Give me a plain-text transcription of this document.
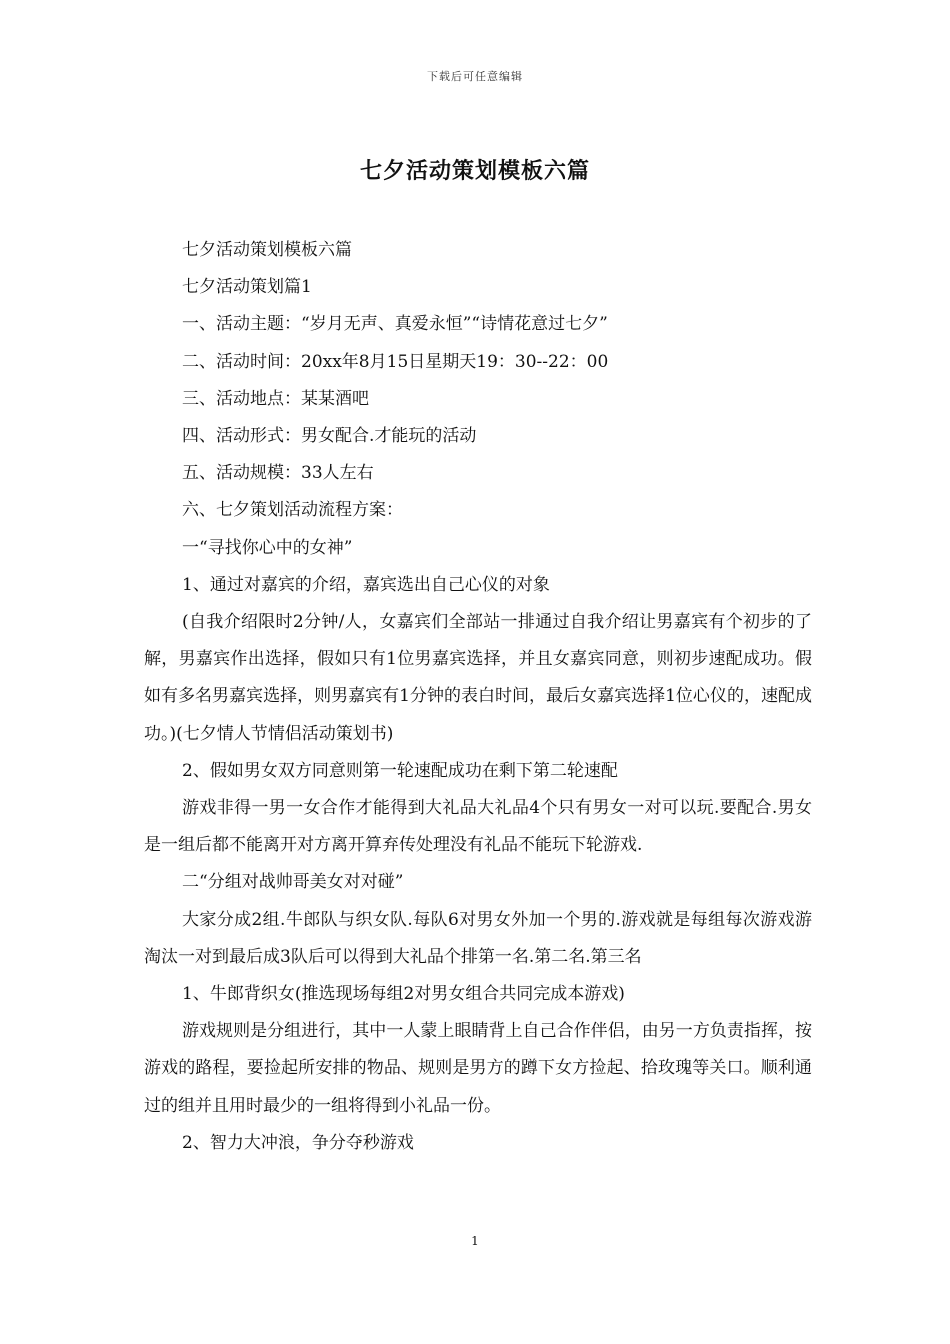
下载后可任意编辑
七夕活动策划模板六篇

七夕活动策划模板六篇

七夕活动策划篇1

一、活动主题：“岁月无声、真爱永恒”“诗情花意过七夕”

二、活动时间：20xx年8月15日星期天19：30--22：00

三、活动地点：某某酒吧

四、活动形式：男女配合.才能玩的活动

五、活动规模：33人左右

六、七夕策划活动流程方案：

一“寻找你心中的女神”

1、通过对嘉宾的介绍，嘉宾选出自己心仪的对象

(自我介绍限时2分钟/人，女嘉宾们全部站一排通过自我介绍让男嘉宾有个初步的了解，男嘉宾作出选择，假如只有1位男嘉宾选择，并且女嘉宾同意，则初步速配成功。假如有多名男嘉宾选择，则男嘉宾有1分钟的表白时间，最后女嘉宾选择1位心仪的，速配成功。)(七夕情人节情侣活动策划书)

2、假如男女双方同意则第一轮速配成功在剩下第二轮速配

游戏非得一男一女合作才能得到大礼品大礼品4个只有男女一对可以玩.要配合.男女是一组后都不能离开对方离开算弃传处理没有礼品不能玩下轮游戏.

二“分组对战帅哥美女对对碰”

大家分成2组.牛郎队与织女队.每队6对男女外加一个男的.游戏就是每组每次游戏游淘汰一对到最后成3队后可以得到大礼品个排第一名.第二名.第三名

1、牛郎背织女(推选现场每组2对男女组合共同完成本游戏)

游戏规则是分组进行，其中一人蒙上眼睛背上自己合作伴侣，由另一方负责指挥，按游戏的路程，要捡起所安排的物品、规则是男方的蹲下女方捡起、拾玫瑰等关口。顺利通过的组并且用时最少的一组将得到小礼品一份。

2、智力大冲浪，争分夺秒游戏

1
